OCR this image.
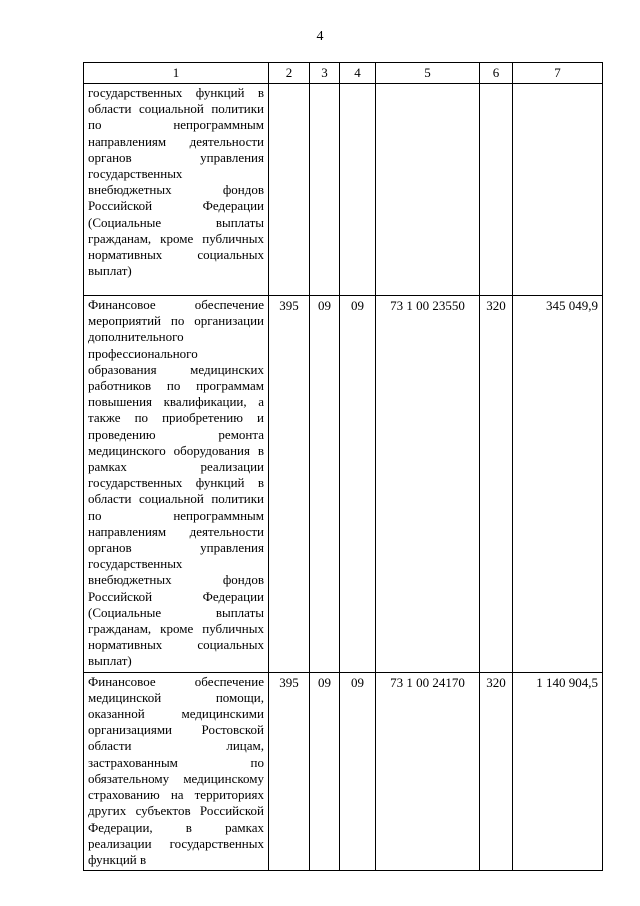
4
1	2	3	4	5	6	7
государственных функций в области социальной политики по непрограммным направлениям деятельности органов управления государственных внебюджетных фондов Российской Федерации (Социальные выплаты гражданам, кроме публичных нормативных социальных выплат)						
Финансовое обеспечение мероприятий по организации дополнительного профессионального образования медицинских работников по программам повышения квалификации, а также по приобретению и проведению ремонта медицинского оборудования в рамках реализации государственных функций в области социальной политики по непрограммным направлениям деятельности органов управления государственных внебюджетных фондов Российской Федерации (Социальные выплаты гражданам, кроме публичных нормативных социальных выплат)	395	09	09	73 1 00 23550	320	345 049,9
Финансовое обеспечение медицинской помощи, оказанной медицинскими организациями Ростовской области лицам, застрахованным по обязательному медицинскому страхованию на территориях других субъектов Российской Федерации, в рамках реализации государственных функций в	395	09	09	73 1 00 24170	320	1 140 904,5
